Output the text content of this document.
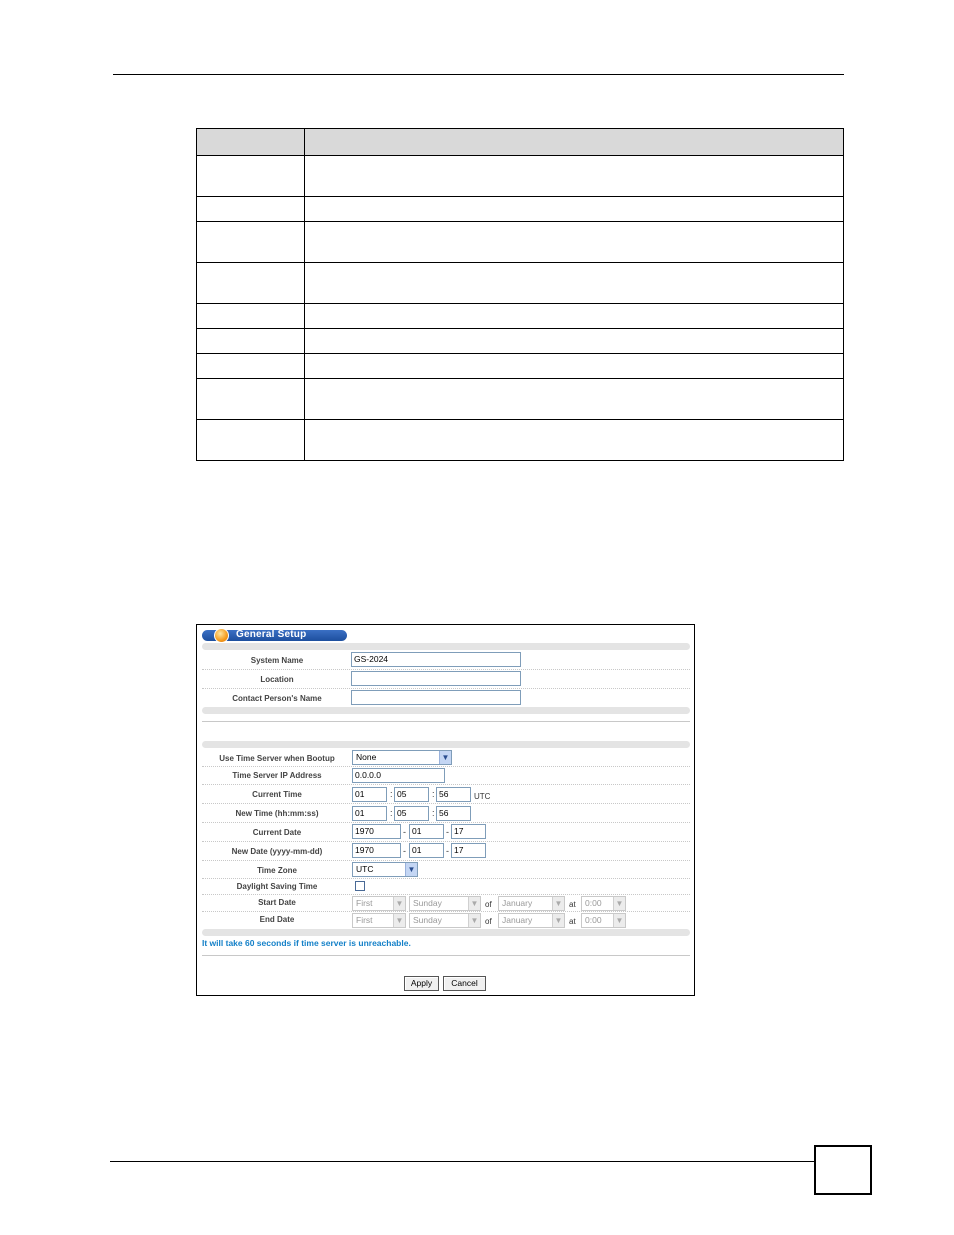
General Setup
System Name	GS-2024
Location
Contact Person's Name
Use Time Server when Bootup	None	▼
Time Server IP Address	0.0.0.0
Current Time	01	: 05	: 56	UTC
New Time (hh:mm:ss)	01	: 05	: 56
Current Date	1970	- 01	- 17
New Date (yyyy-mm-dd)	1970	- 01	- 17
Time Zone	UTC	▼
Daylight Saving Time
Start Date	First	▼	Sunday	▼ of	January	▼ at	0:00	▼
End Date	First	▼	Sunday	▼ of	January	▼ at	0:00	▼
It will take 60 seconds if time server is unreachable.
Apply	Cancel
